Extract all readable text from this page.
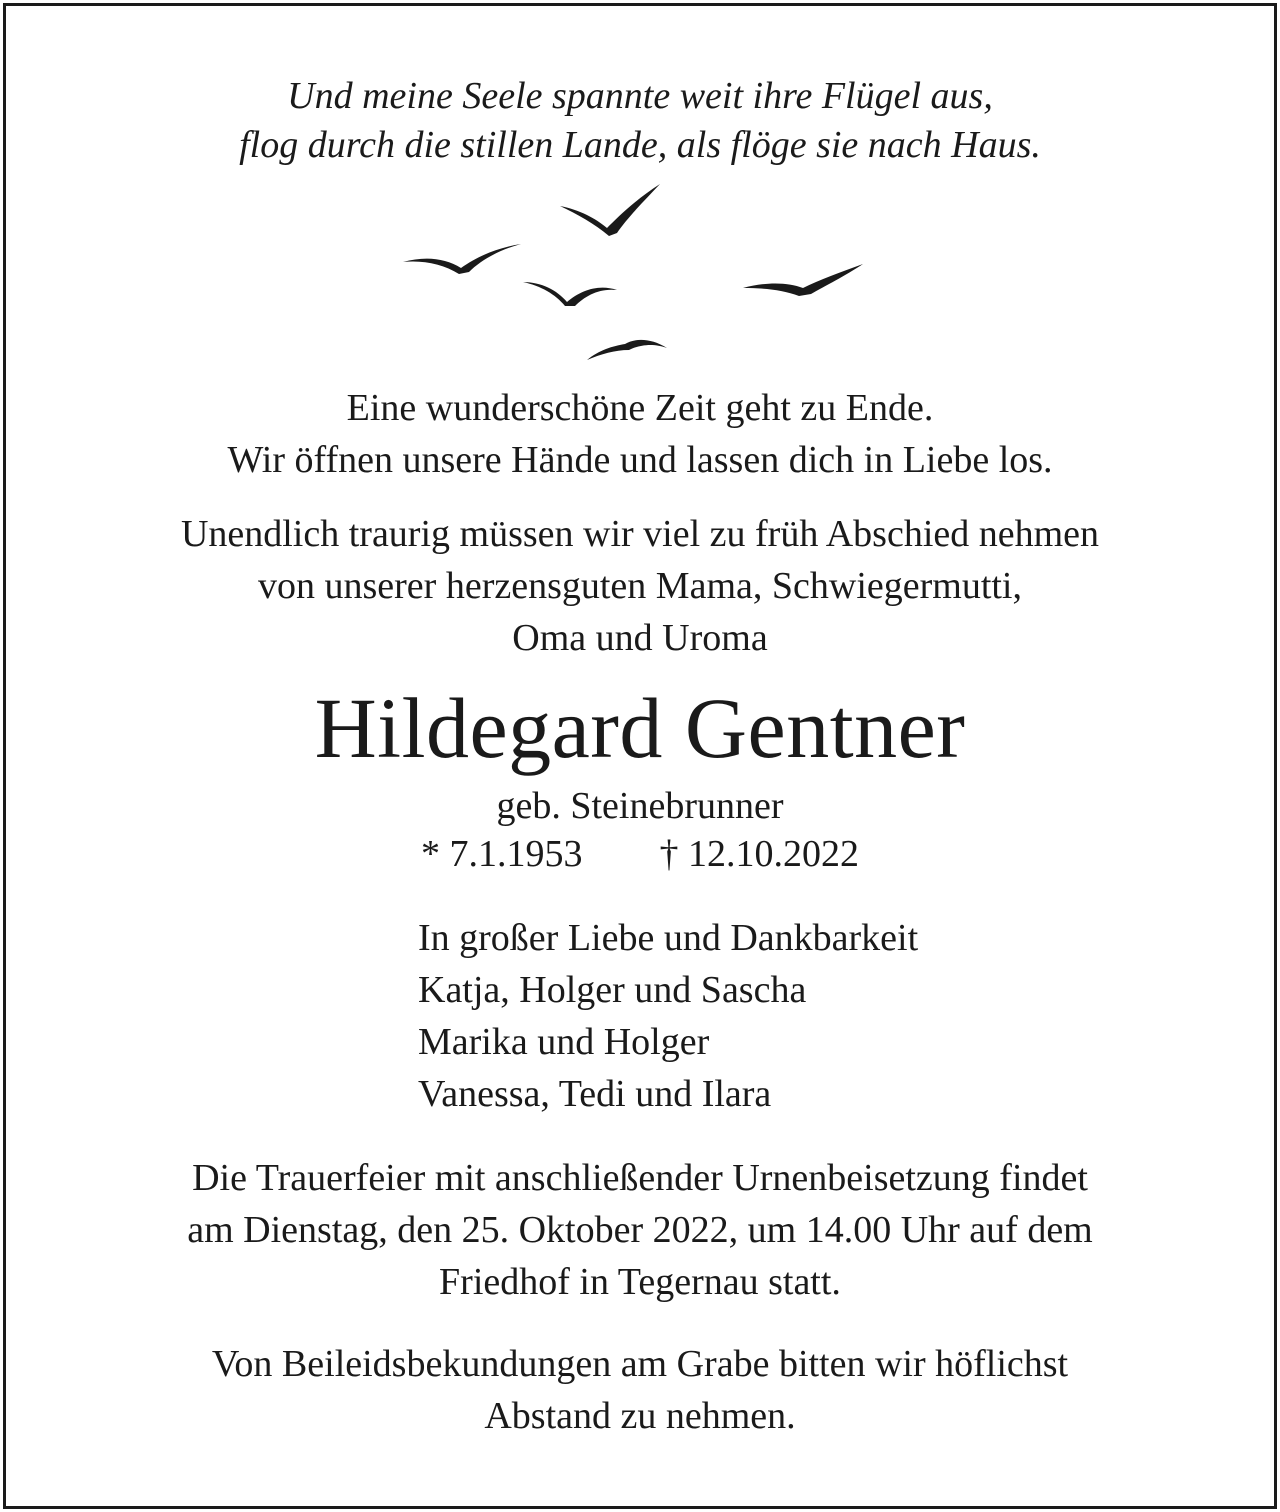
Und meine Seele spannte weit ihre Flügel aus,

flog durch die stillen Lande, als flöge sie nach Haus.

Eine wunderschöne Zeit geht zu Ende.

Wir öffnen unsere Hände und lassen dich in Liebe los.

Unendlich traurig müssen wir viel zu früh Abschied nehmen

von unserer herzensguten Mama, Schwiegermutti,

Oma und Uroma

Hildegard Gentner

geb. Steinebrunner

* 7.1.1953 † 12.10.2022

In großer Liebe und Dankbarkeit

Katja, Holger und Sascha

Marika und Holger

Vanessa, Tedi und Ilara

Die Trauerfeier mit anschließender Urnenbeisetzung findet

am Dienstag, den 25. Oktober 2022, um 14.00 Uhr auf dem

Friedhof in Tegernau statt.

Von Beileidsbekundungen am Grabe bitten wir höflichst

Abstand zu nehmen.
